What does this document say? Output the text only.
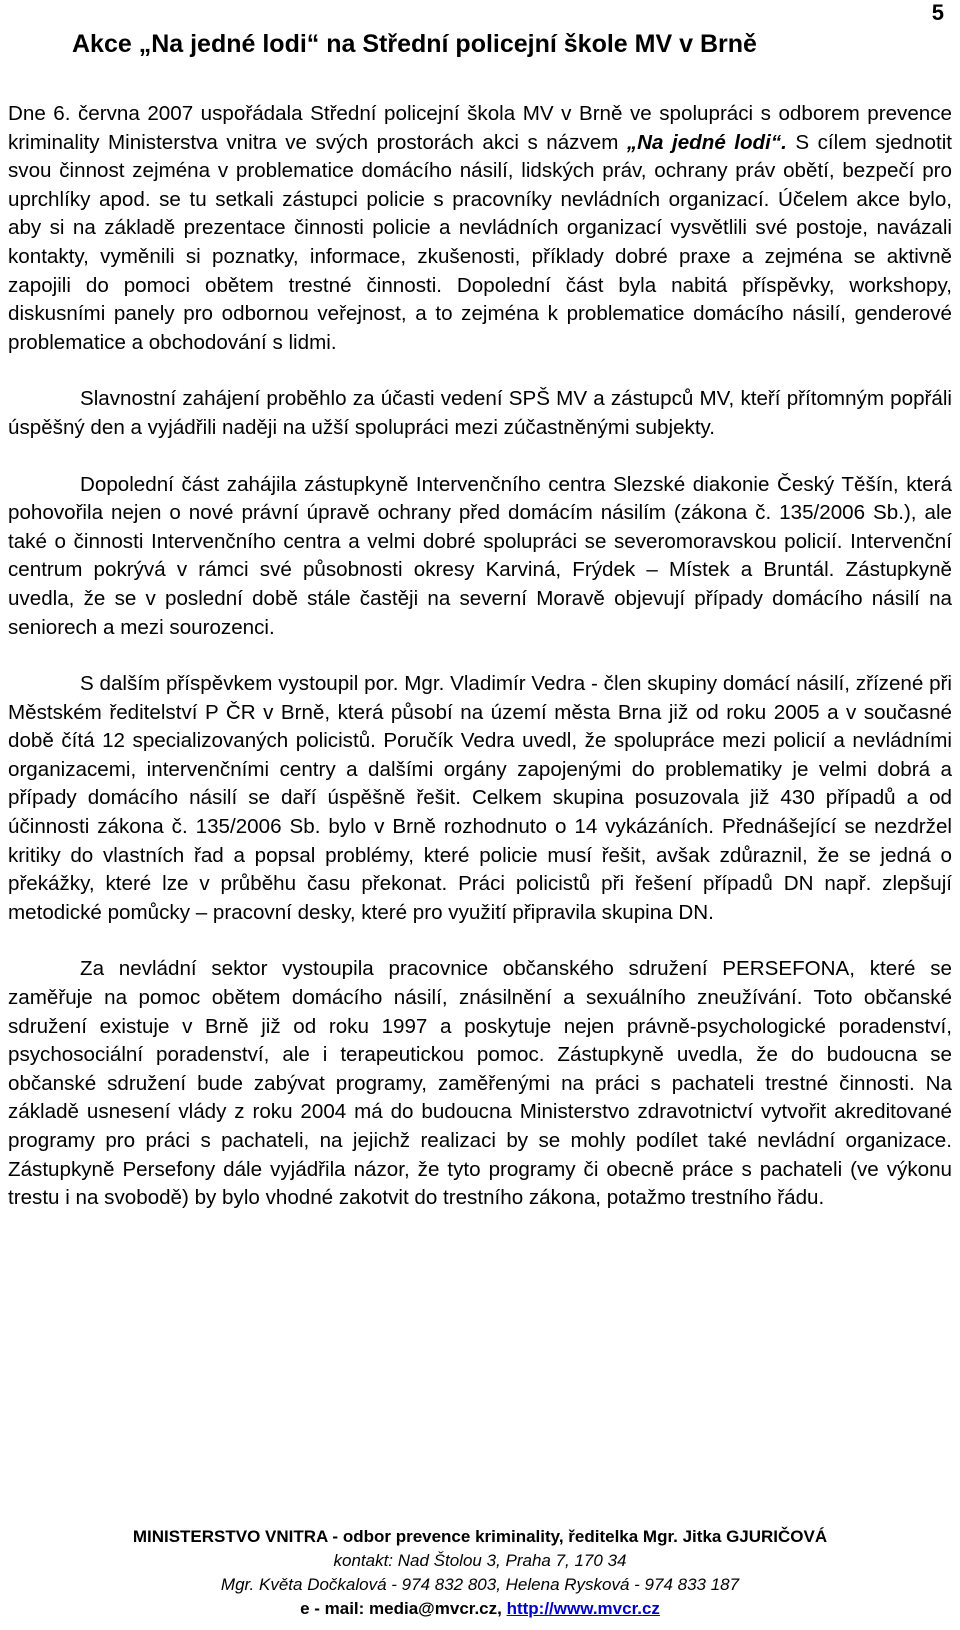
5
Akce „Na jedné lodi“ na Střední policejní škole MV v Brně

Dne 6. června 2007 uspořádala Střední policejní škola MV v Brně ve spolupráci s odborem prevence kriminality Ministerstva vnitra ve svých prostorách akci s názvem „Na jedné lodi“. S cílem sjednotit svou činnost zejména v problematice domácího násilí, lidských práv, ochrany práv obětí, bezpečí pro uprchlíky apod. se tu setkali zástupci policie s pracovníky nevládních organizací. Účelem akce bylo, aby si na základě prezentace činnosti policie a nevládních organizací vysvětlili své postoje, navázali kontakty, vyměnili si poznatky, informace, zkušenosti, příklady dobré praxe a zejména se aktivně zapojili do pomoci obětem trestné činnosti. Dopolední část byla nabitá příspěvky, workshopy, diskusními panely pro odbornou veřejnost, a to zejména k problematice domácího násilí, genderové problematice a obchodování s lidmi.

Slavnostní zahájení proběhlo za účasti vedení SPŠ MV a zástupců MV, kteří přítomným popřáli úspěšný den a vyjádřili naději na užší spolupráci mezi zúčastněnými subjekty.

Dopolední část zahájila zástupkyně Intervenčního centra Slezské diakonie Český Těšín, která pohovořila nejen o nové právní úpravě ochrany před domácím násilím (zákona č. 135/2006 Sb.), ale také o činnosti Intervenčního centra a velmi dobré spolupráci se severomoravskou policií. Intervenční centrum pokrývá v rámci své působnosti okresy Karviná, Frýdek – Místek a Bruntál. Zástupkyně uvedla, že se v poslední době stále častěji na severní Moravě objevují případy domácího násilí na seniorech a mezi sourozenci.

S dalším příspěvkem vystoupil por. Mgr. Vladimír Vedra - člen skupiny domácí násilí, zřízené při Městském ředitelství P ČR v Brně, která působí na území města Brna již od roku 2005 a v současné době čítá 12 specializovaných policistů. Poručík Vedra uvedl, že spolupráce mezi policií a nevládními organizacemi, intervenčními centry a dalšími orgány zapojenými do problematiky je velmi dobrá a případy domácího násilí se daří úspěšně řešit. Celkem skupina posuzovala již 430 případů a od účinnosti zákona č. 135/2006 Sb. bylo v Brně rozhodnuto o 14 vykázáních. Přednášející se nezdržel kritiky do vlastních řad a popsal problémy, které policie musí řešit, avšak zdůraznil, že se jedná o překážky, které lze v průběhu času překonat. Práci policistů při řešení případů DN např. zlepšují metodické pomůcky – pracovní desky, které pro využití připravila skupina DN.

Za nevládní sektor vystoupila pracovnice občanského sdružení PERSEFONA, které se zaměřuje na pomoc obětem domácího násilí, znásilnění a sexuálního zneužívání. Toto občanské sdružení existuje v Brně již od roku 1997 a poskytuje nejen právně-psychologické poradenství, psychosociální poradenství, ale i terapeutickou pomoc. Zástupkyně uvedla, že do budoucna se občanské sdružení bude zabývat programy, zaměřenými na práci s pachateli trestné činnosti. Na základě usnesení vlády z roku 2004 má do budoucna Ministerstvo zdravotnictví vytvořit akreditované programy pro práci s pachateli, na jejichž realizaci by se mohly podílet také nevládní organizace. Zástupkyně Persefony dále vyjádřila názor, že tyto programy či obecně práce s pachateli (ve výkonu trestu i na svobodě) by bylo vhodné zakotvit do trestního zákona, potažmo trestního řádu.

MINISTERSTVO VNITRA - odbor prevence kriminality, ředitelka Mgr. Jitka GJURIČOVÁ
kontakt: Nad Štolou 3, Praha 7, 170 34
Mgr. Květa Dočkalová - 974 832 803, Helena Rysková - 974 833 187
e - mail: media@mvcr.cz, http://www.mvcr.cz
